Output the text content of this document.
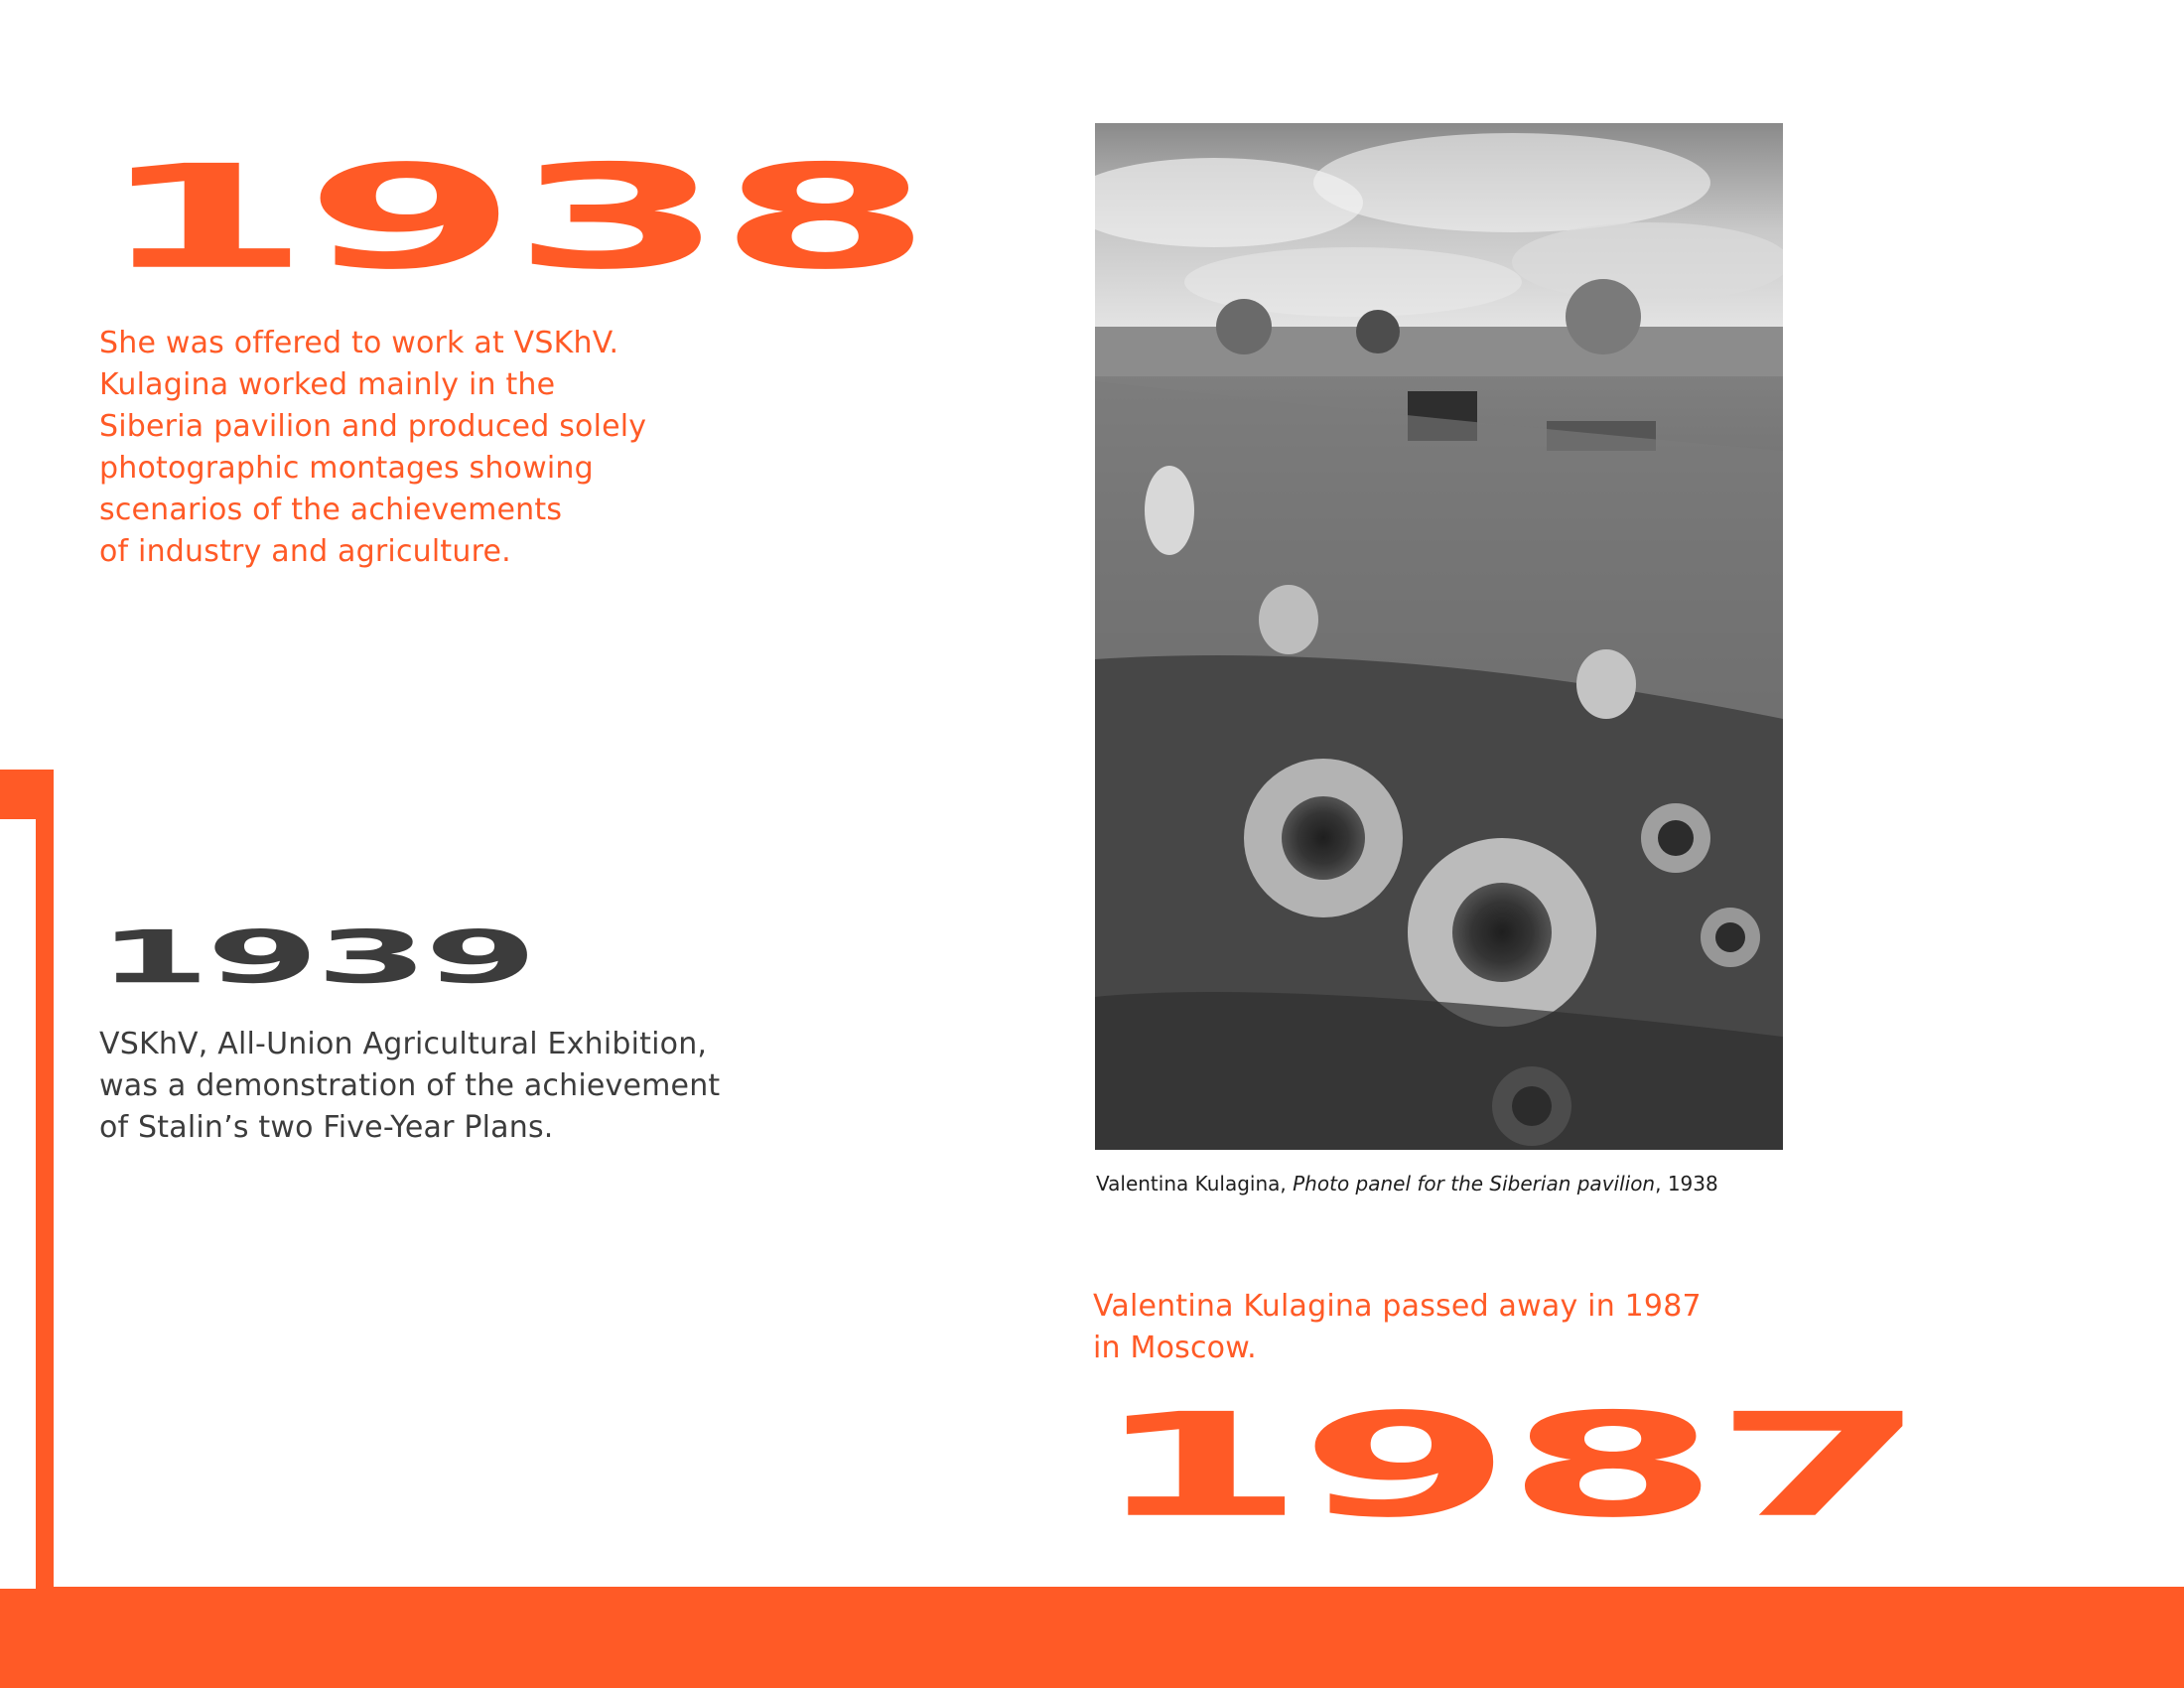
1938

She was offered to work at VSKhV.
Kulagina worked mainly in the
Siberia pavilion and produced solely
photographic montages showing
scenarios of the achievements
of industry and agriculture.

1939

VSKhV, All-Union Agricultural Exhibition,
was a demonstration of the achievement
of Stalin’s two Five-Year Plans.

Valentina Kulagina, Photo panel for the Siberian pavilion, 1938

Valentina Kulagina passed away in 1987
in Moscow.

1987
